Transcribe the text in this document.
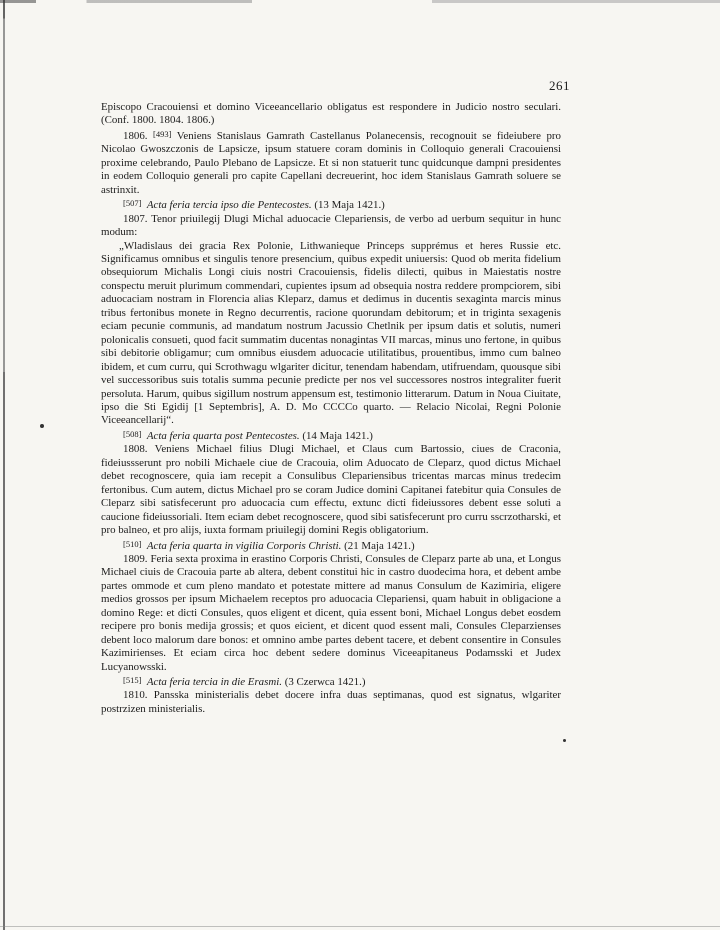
261

Episcopo Cracouiensi et domino Viceeancellario obligatus est respondere in Judicio nostro seculari. (Conf. 1800. 1804. 1806.)

1806. [493] Veniens Stanislaus Gamrath Castellanus Polanecensis, recognouit se fideiubere pro Nicolao Gwoszczonis de Lapsicze, ipsum statuere coram dominis in Colloquio generali Cracouiensi proxime celebrando, Paulo Plebano de Lapsicze. Et si non statuerit tunc quidcunque dampni presidentes in eodem Colloquio generali pro capite Capellani decreuerint, hoc idem Stanislaus Gamrath soluere se astrinxit.

[507] Acta feria tercia ipso die Pentecostes. (13 Maja 1421.)

1807. Tenor priuilegij Dlugi Michal aduocacie Clepariensis, de verbo ad uerbum sequitur in hunc modum:

„Wladislaus dei gracia Rex Polonie, Lithwanieque Princeps supprémus et heres Russie etc. Significamus omnibus et singulis tenore presencium, quibus expedit uniuersis: Quod ob merita fidelium obsequiorum Michalis Longi ciuis nostri Cracouiensis, fidelis dilecti, quibus in Maiestatis nostre conspectu meruit plurimum commendari, cupientes ipsum ad obsequia nostra reddere prompciorem, sibi aduocaciam nostram in Florencia alias Kleparz, damus et dedimus in ducentis sexaginta marcis minus tribus fertonibus monete in Regno decurrentis, racione quorundam debitorum; et in triginta sexagenis eciam pecunie communis, ad mandatum nostrum Jacussio Chetlnik per ipsum datis et solutis, numeri polonicalis consueti, quod facit summatim ducentas nonagintas VII marcas, minus uno fertone, in quibus sibi debitorie obligamur; cum omnibus eiusdem aduocacie utilitatibus, prouentibus, immo cum balneo ibidem, et cum curru, qui Scrothwagu wlgariter dicitur, tenendam habendam, utifruendam, quousque sibi vel successoribus suis totalis summa pecunie predicte per nos vel successores nostros integraliter fuerit persoluta. Harum, quibus sigillum nostrum appensum est, testimonio litterarum. Datum in Noua Ciuitate, ipso die Sti Egidij [1 Septembris], A. D. Mo CCCCo quarto. — Relacio Nicolai, Regni Polonie Viceeancellarij“.

[508] Acta feria quarta post Pentecostes. (14 Maja 1421.)

1808. Veniens Michael filius Dlugi Michael, et Claus cum Bartossio, ciues de Craconia, fideiussserunt pro nobili Michaele ciue de Cracouia, olim Aduocato de Cleparz, quod dictus Michael debet recognoscere, quia iam recepit a Consulibus Clepariensibus tricentas marcas minus tredecim fertonibus. Cum autem, dictus Michael pro se coram Judice domini Capitanei fatebitur quia Consules de Cleparz sibi satisfecerunt pro aduocacia cum effectu, extunc dicti fideiussores debent esse soluti a caucione fideiussoriali. Item eciam debet recognoscere, quod sibi satisfecerunt pro curru sscrzotharski, et pro balneo, et pro alijs, iuxta formam priuilegij domini Regis obligatorium.

[510] Acta feria quarta in vigilia Corporis Christi. (21 Maja 1421.)

1809. Feria sexta proxima in erastino Corporis Christi, Consules de Cleparz parte ab una, et Longus Michael ciuis de Cracouia parte ab altera, debent constitui hic in castro duodecima hora, et debent ambe partes ommode et cum pleno mandato et potestate mittere ad manus Consulum de Kazimiria, eligere medios grossos per ipsum Michaelem receptos pro aduocacia Clepariensi, quam habuit in obligacione a domino Rege: et dicti Consules, quos eligent et dicent, quia essent boni, Michael Longus debet eosdem recipere pro bonis medija grossis; et quos eicient, et dicent quod essent mali, Consules Cleparzienses debent loco malorum dare bonos: et omnino ambe partes debent tacere, et debent consentire in Consules Kazimirienses. Et eciam circa hoc debent sedere dominus Viceeapitaneus Podamsski et Judex Lucyanowsski.

[515] Acta feria tercia in die Erasmi. (3 Czerwca 1421.)

1810. Pansska ministerialis debet docere infra duas septimanas, quod est signatus, wlgariter postrzizen ministerialis.
